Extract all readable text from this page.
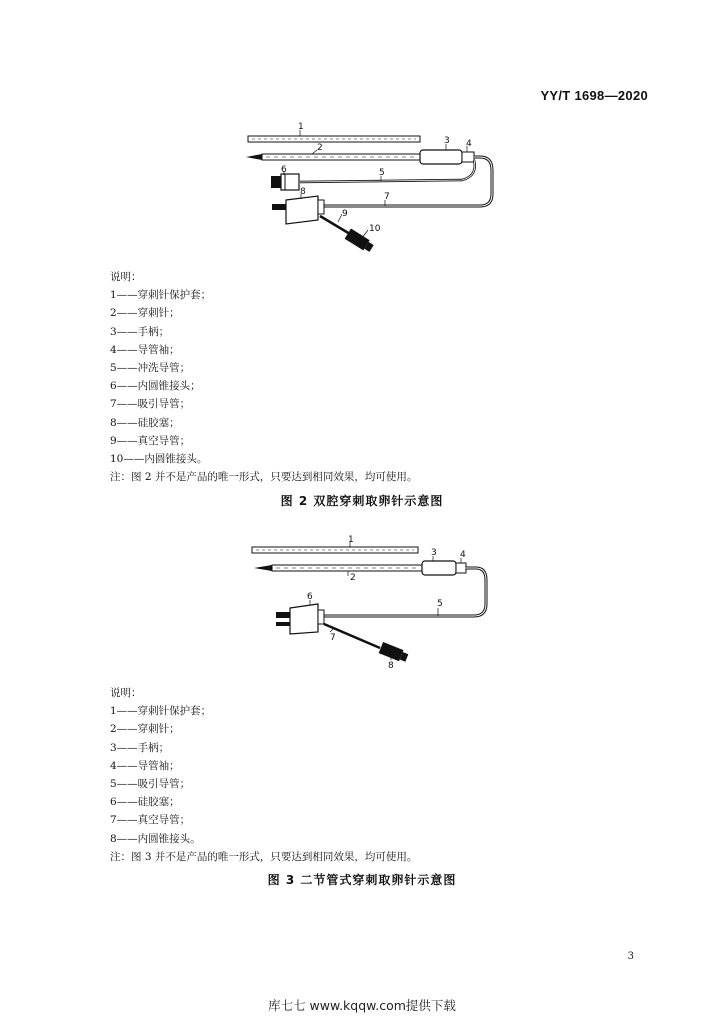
YY/T 1698—2020
1
2
3 4
5
6
8	7
9
10
说明：
1——穿刺针保护套；
2——穿刺针；
3——手柄；
4——导管袖；
5——冲洗导管；
6——内圆锥接头；
7——吸引导管；
8——硅胶塞；
9——真空导管；
10——内圆锥接头。
注：图 2 并不是产品的唯一形式，只要达到相同效果，均可使用。
图 2 双腔穿刺取卵针示意图
1
2
3	4
5
6
7
8
说明：
1——穿刺针保护套；
2——穿刺针；
3——手柄；
4——导管袖；
5——吸引导管；
6——硅胶塞；
7——真空导管；
8——内圆锥接头。
注：图 3 并不是产品的唯一形式，只要达到相同效果，均可使用。
图 3 二节管式穿刺取卵针示意图
3
库七七 www.kqqw.com提供下载
